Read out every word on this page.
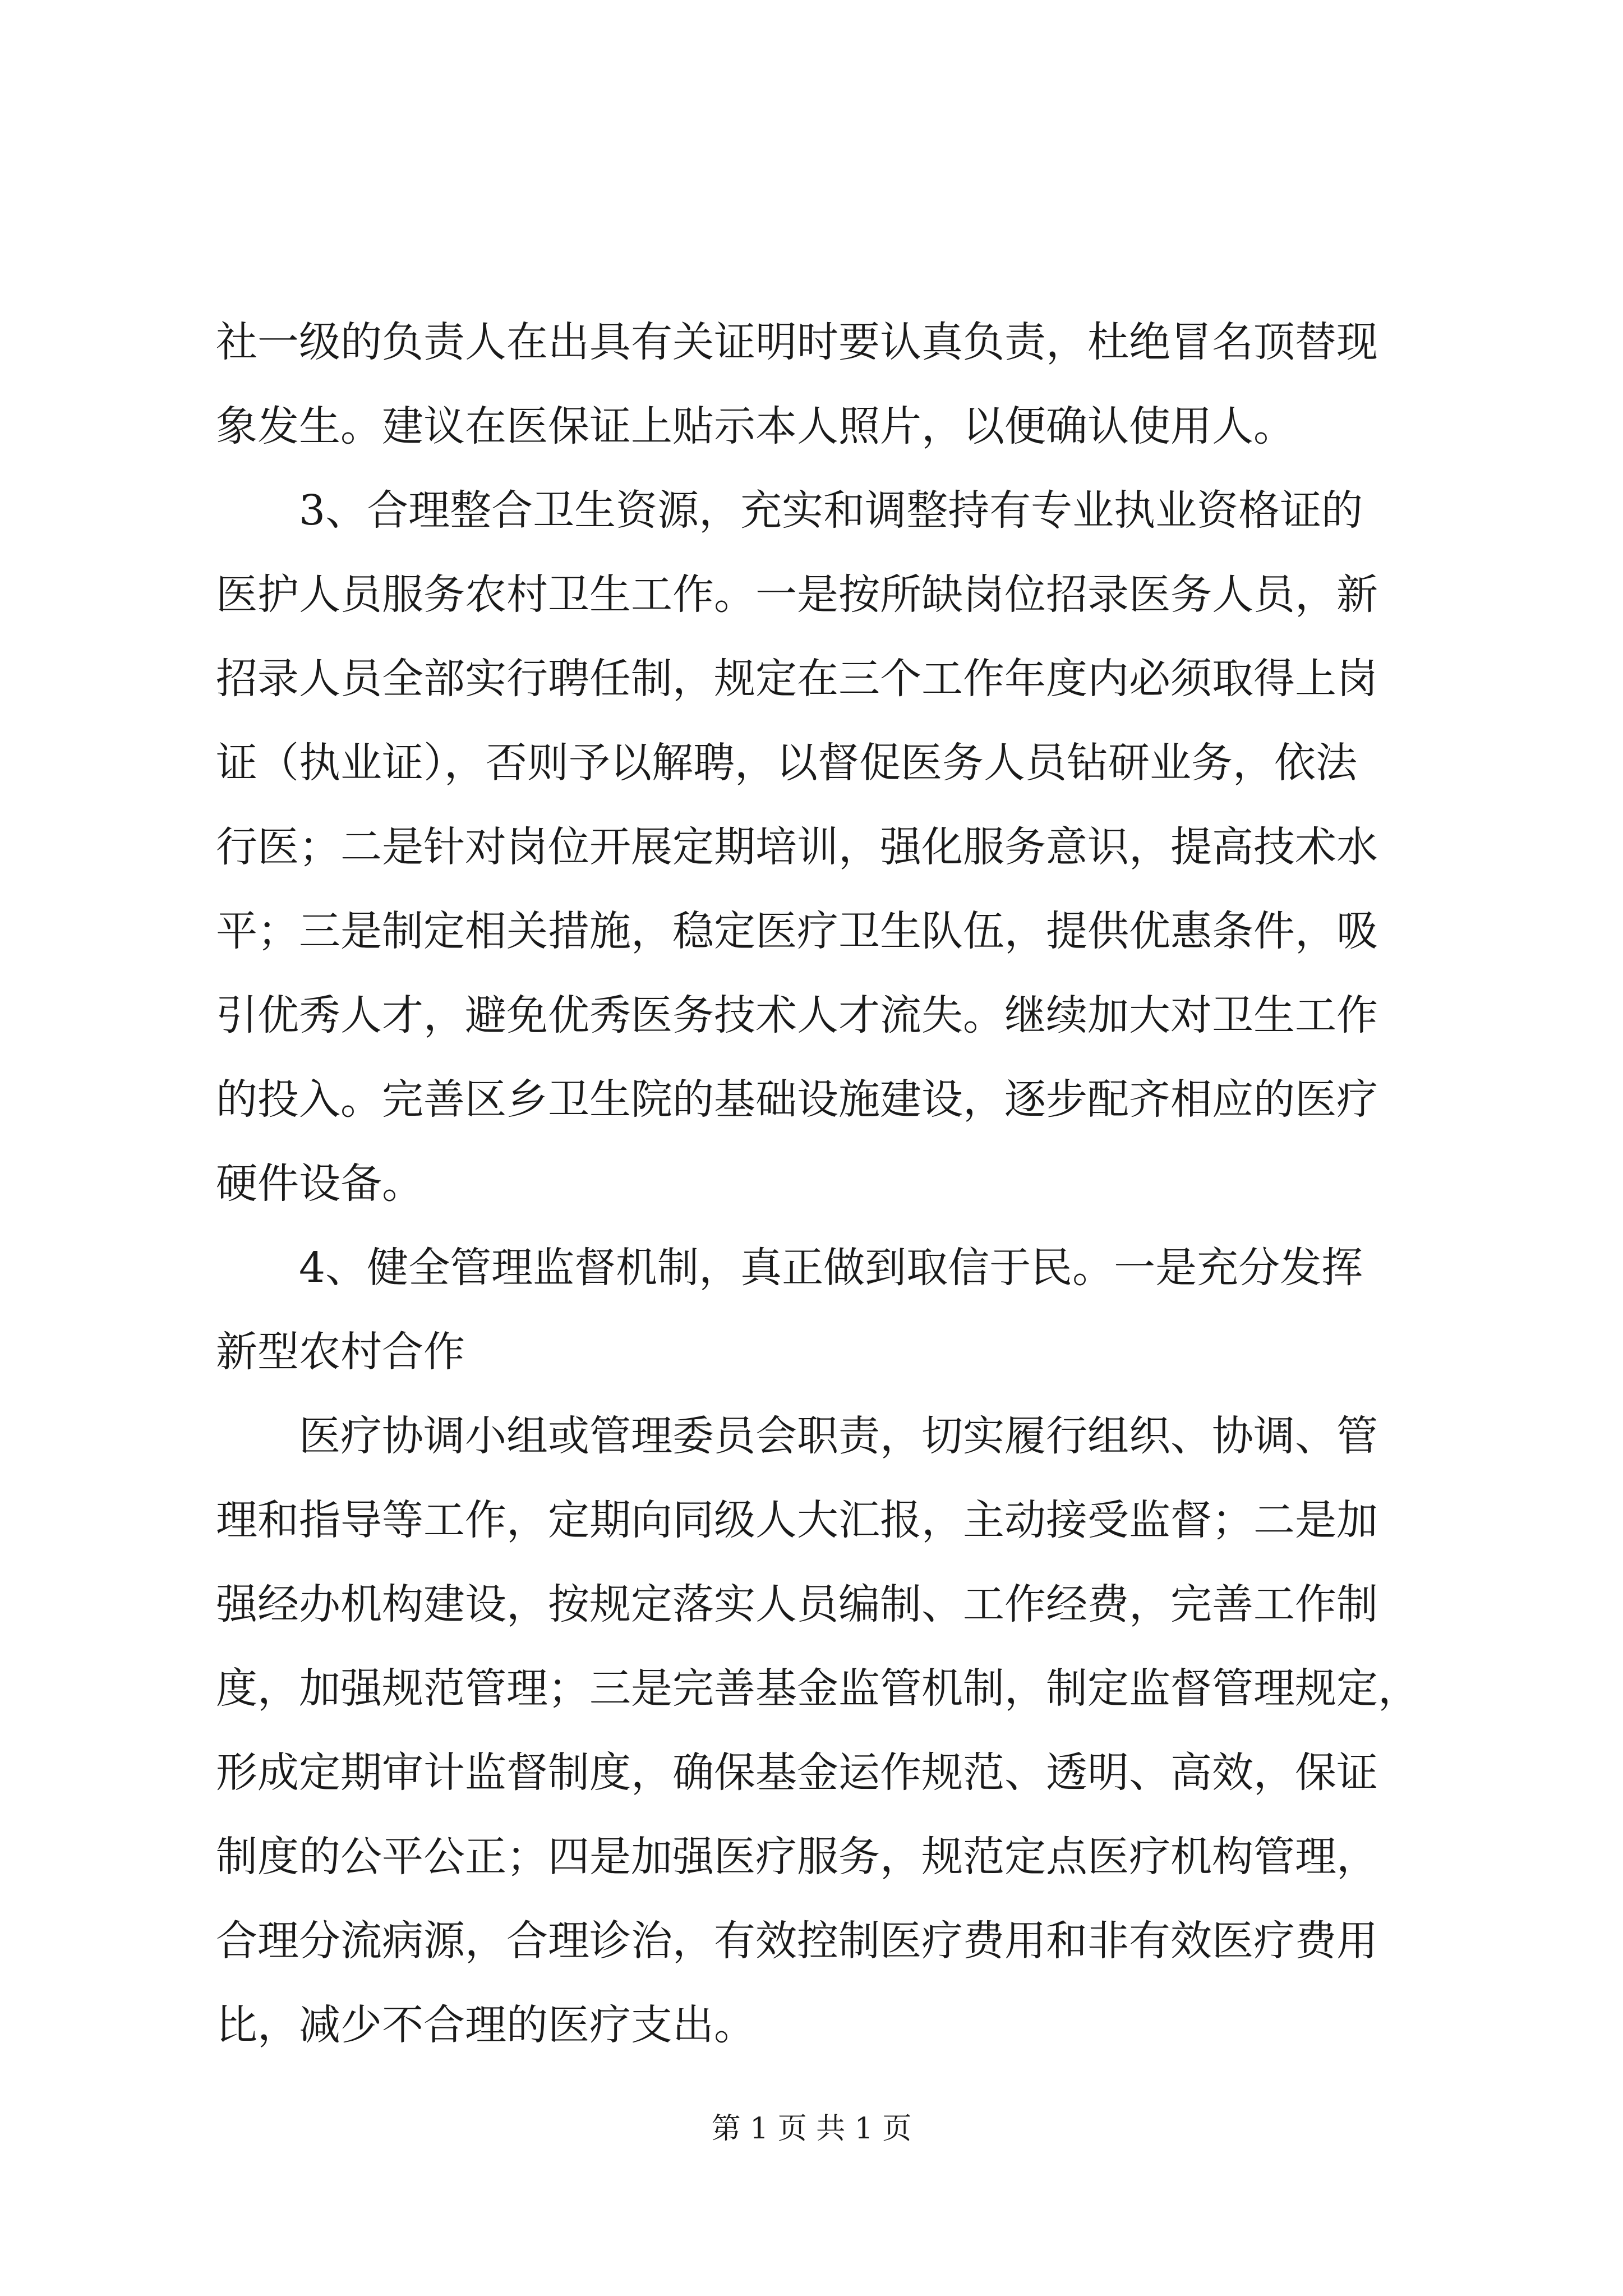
社一级的负责人在出具有关证明时要认真负责，杜绝冒名顶替现
象发生。建议在医保证上贴示本人照片，以便确认使用人。
　　3、合理整合卫生资源，充实和调整持有专业执业资格证的
医护人员服务农村卫生工作。一是按所缺岗位招录医务人员，新
招录人员全部实行聘任制，规定在三个工作年度内必须取得上岗
证（执业证），否则予以解聘，以督促医务人员钻研业务，依法
行医；二是针对岗位开展定期培训，强化服务意识，提高技术水
平；三是制定相关措施，稳定医疗卫生队伍，提供优惠条件，吸
引优秀人才，避免优秀医务技术人才流失。继续加大对卫生工作
的投入。完善区乡卫生院的基础设施建设，逐步配齐相应的医疗
硬件设备。
　　4、健全管理监督机制，真正做到取信于民。一是充分发挥
新型农村合作
　　医疗协调小组或管理委员会职责，切实履行组织、协调、管
理和指导等工作，定期向同级人大汇报，主动接受监督；二是加
强经办机构建设，按规定落实人员编制、工作经费，完善工作制
度，加强规范管理；三是完善基金监管机制，制定监督管理规定，
形成定期审计监督制度，确保基金运作规范、透明、高效，保证
制度的公平公正；四是加强医疗服务，规范定点医疗机构管理，
合理分流病源，合理诊治，有效控制医疗费用和非有效医疗费用
比，减少不合理的医疗支出。
第 1 页 共 1 页
